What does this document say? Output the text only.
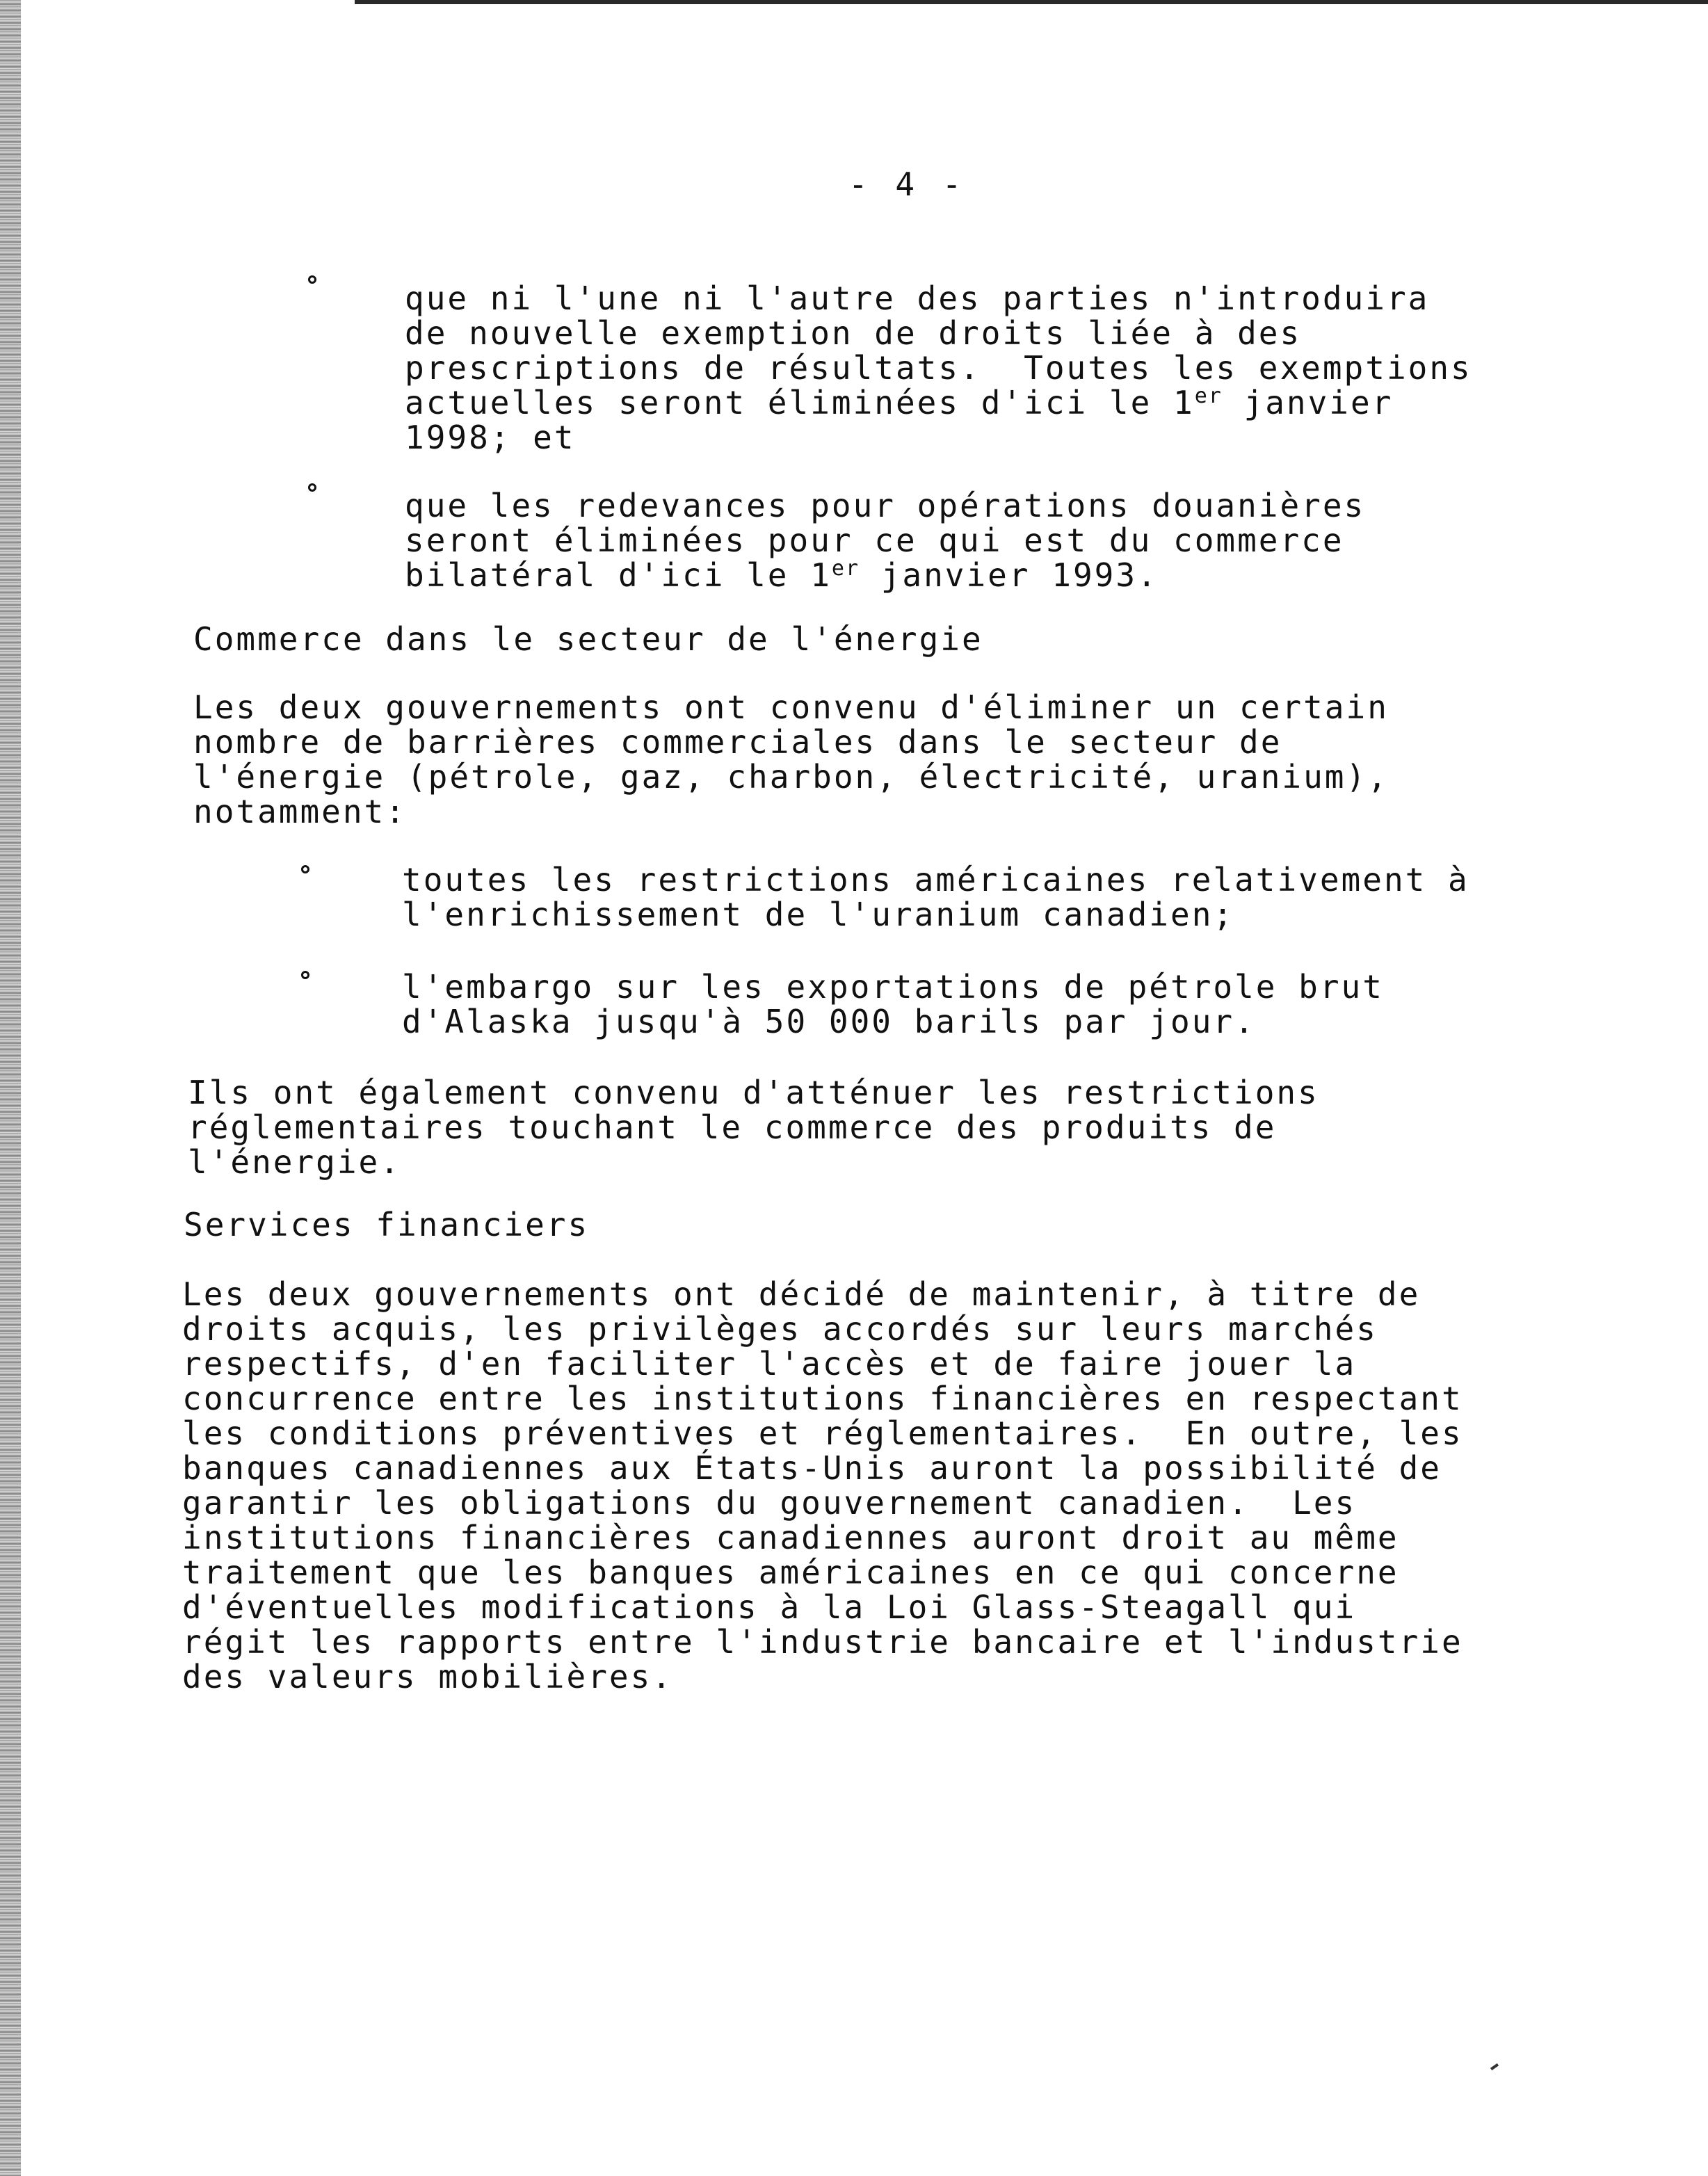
- 4 -
que ni l'une ni l'autre des parties n'introduira
de nouvelle exemption de droits liée à des
prescriptions de résultats.  Toutes les exemptions
actuelles seront éliminées d'ici le 1er janvier
1998; et
que les redevances pour opérations douanières
seront éliminées pour ce qui est du commerce
bilatéral d'ici le 1er janvier 1993.
Commerce dans le secteur de l'énergie
Les deux gouvernements ont convenu d'éliminer un certain
nombre de barrières commerciales dans le secteur de
l'énergie (pétrole, gaz, charbon, électricité, uranium),
notamment:
toutes les restrictions américaines relativement à
l'enrichissement de l'uranium canadien;
l'embargo sur les exportations de pétrole brut
d'Alaska jusqu'à 50 000 barils par jour.
Ils ont également convenu d'atténuer les restrictions
réglementaires touchant le commerce des produits de
l'énergie.
Services financiers
Les deux gouvernements ont décidé de maintenir, à titre de
droits acquis, les privilèges accordés sur leurs marchés
respectifs, d'en faciliter l'accès et de faire jouer la
concurrence entre les institutions financières en respectant
les conditions préventives et réglementaires.  En outre, les
banques canadiennes aux États-Unis auront la possibilité de
garantir les obligations du gouvernement canadien.  Les
institutions financières canadiennes auront droit au même
traitement que les banques américaines en ce qui concerne
d'éventuelles modifications à la Loi Glass-Steagall qui
régit les rapports entre l'industrie bancaire et l'industrie
des valeurs mobilières.
